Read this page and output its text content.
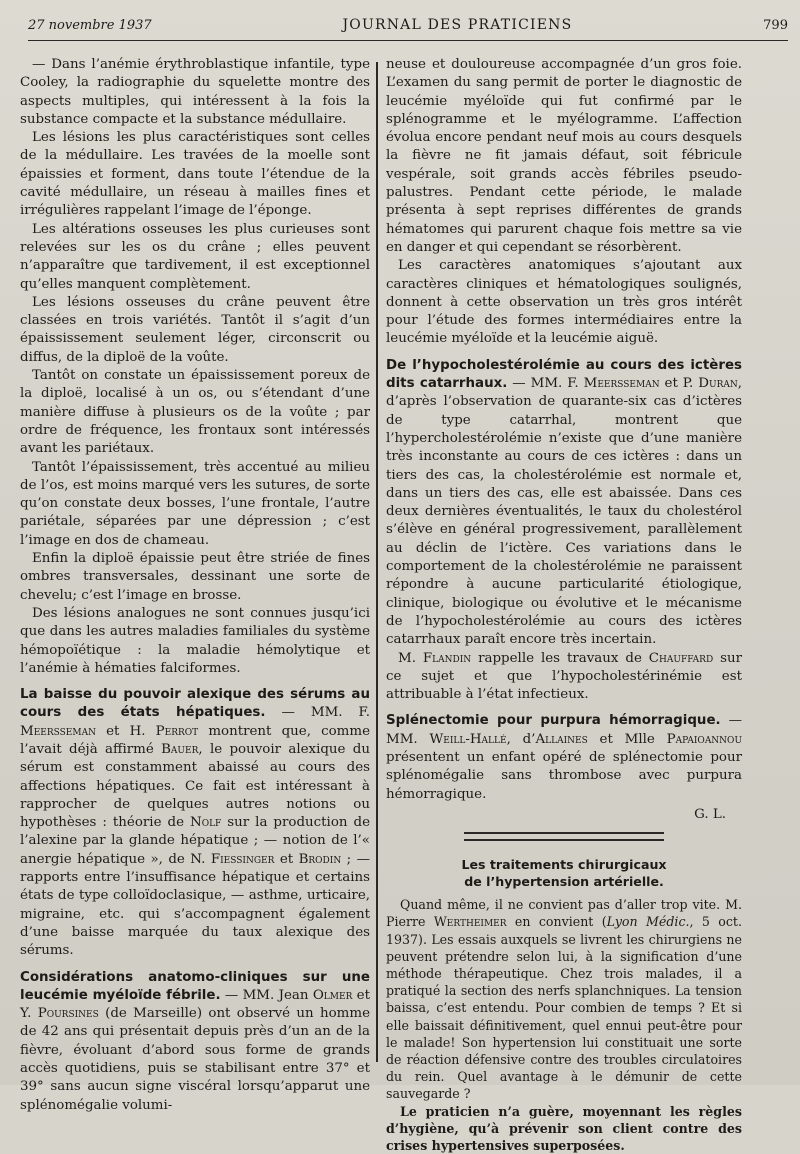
27 novembre 1937	JOURNAL DES PRATICIENS	799

— Dans l’anémie érythroblastique infantile, type Cooley, la radiographie du squelette montre des aspects multiples, qui intéressent à la fois la substance compacte et la substance médullaire.

Les lésions les plus caractéristiques sont celles de la médullaire. Les travées de la moelle sont épaissies et forment, dans toute l’étendue de la cavité médullaire, un réseau à mailles fines et irrégulières rappelant l’image de l’éponge.

Les altérations osseuses les plus curieuses sont relevées sur les os du crâne ; elles peuvent n’apparaître que tardivement, il est exceptionnel qu’elles manquent complètement.

Les lésions osseuses du crâne peuvent être classées en trois variétés. Tantôt il s’agit d’un épaississement seulement léger, circonscrit ou diffus, de la diploë de la voûte.

Tantôt on constate un épaississement poreux de la diploë, localisé à un os, ou s’étendant d’une manière diffuse à plusieurs os de la voûte ; par ordre de fréquence, les frontaux sont intéressés avant les pariétaux.

Tantôt l’épaississement, très accentué au milieu de l’os, est moins marqué vers les sutures, de sorte qu’on constate deux bosses, l’une frontale, l’autre pariétale, séparées par une dépression ; c’est l’image en dos de chameau.

Enfin la diploë épaissie peut être striée de fines ombres transversales, dessinant une sorte de chevelu; c’est l’image en brosse.

Des lésions analogues ne sont connues jusqu’ici que dans les autres maladies familiales du système hémopoïétique : la maladie hémolytique et l’anémie à hématies falciformes.

La baisse du pouvoir alexique des sérums au cours des états hépatiques. — MM. F. Meersseman et H. Perrot montrent que, comme l’avait déjà affirmé Bauer, le pouvoir alexique du sérum est constamment abaissé au cours des affections hépatiques. Ce fait est intéressant à rapprocher de quelques autres notions ou hypothèses : théorie de Nolf sur la production de l’alexine par la glande hépatique ; — notion de l’« anergie hépatique », de N. Fiessinger et Brodin ; — rapports entre l’insuffisance hépatique et certains états de type colloïdoclasique, — asthme, urticaire, migraine, etc. qui s’accompagnent également d’une baisse marquée du taux alexique des sérums.

Considérations anatomo-cliniques sur une leucémie myéloïde fébrile. — MM. Jean Olmer et Y. Poursines (de Marseille) ont observé un homme de 42 ans qui présentait depuis près d’un an de la fièvre, évoluant d’abord sous forme de grands accès quotidiens, puis se stabilisant entre 37° et 39° sans aucun signe viscéral lorsqu’apparut une splénomégalie volumi-

neuse et douloureuse accompagnée d’un gros foie. L’examen du sang permit de porter le diagnostic de leucémie myéloïde qui fut confirmé par le splénogramme et le myélogramme. L’affection évolua encore pendant neuf mois au cours desquels la fièvre ne fit jamais défaut, soit fébricule vespérale, soit grands accès fébriles pseudo-palustres. Pendant cette période, le malade présenta à sept reprises différentes de grands hématomes qui parurent chaque fois mettre sa vie en danger et qui cependant se résorbèrent.

Les caractères anatomiques s’ajoutant aux caractères cliniques et hématologiques soulignés, donnent à cette observation un très gros intérêt pour l’étude des formes intermédiaires entre la leucémie myéloïde et la leucémie aiguë.

De l’hypocholestérolémie au cours des ictères dits catarrhaux. — MM. F. Meersseman et P. Duran, d’après l’observation de quarante-six cas d’ictères de type catarrhal, montrent que l’hypercholestérolémie n’existe que d’une manière très inconstante au cours de ces ictères : dans un tiers des cas, la cholestérolémie est normale et, dans un tiers des cas, elle est abaissée. Dans ces deux dernières éventualités, le taux du cholestérol s’élève en général progressivement, parallèlement au déclin de l’ictère. Ces variations dans le comportement de la cholestérolémie ne paraissent répondre à aucune particularité étiologique, clinique, biologique ou évolutive et le mécanisme de l’hypocholestérolémie au cours des ictères catarrhaux paraît encore très incertain.

M. Flandin rappelle les travaux de Chauffard sur ce sujet et que l’hypocholestérinémie est attribuable à l’état infectieux.

Splénectomie pour purpura hémorragique. — MM. Weill-Hallé, d’Allaines et Mlle Papaioannou présentent un enfant opéré de splénectomie pour splénomégalie sans thrombose avec purpura hémorragique.

G. L.
Les traitements chirurgicaux
de l’hypertension artérielle.

Quand même, il ne convient pas d’aller trop vite. M. Pierre Wertheimer en convient (Lyon Médic., 5 oct. 1937). Les essais auxquels se livrent les chirurgiens ne peuvent prétendre selon lui, à la signification d’une méthode thérapeutique. Chez trois malades, il a pratiqué la section des nerfs splanchniques. La tension baissa, c’est entendu. Pour combien de temps ? Et si elle baissait définitivement, quel ennui peut-être pour le malade! Son hypertension lui constituait une sorte de réaction défensive contre des troubles circulatoires du rein. Quel avantage à le démunir de cette sauvegarde ?

Le praticien n’a guère, moyennant les règles d’hygiène, qu’à prévenir son client contre des crises hypertensives superposées.
